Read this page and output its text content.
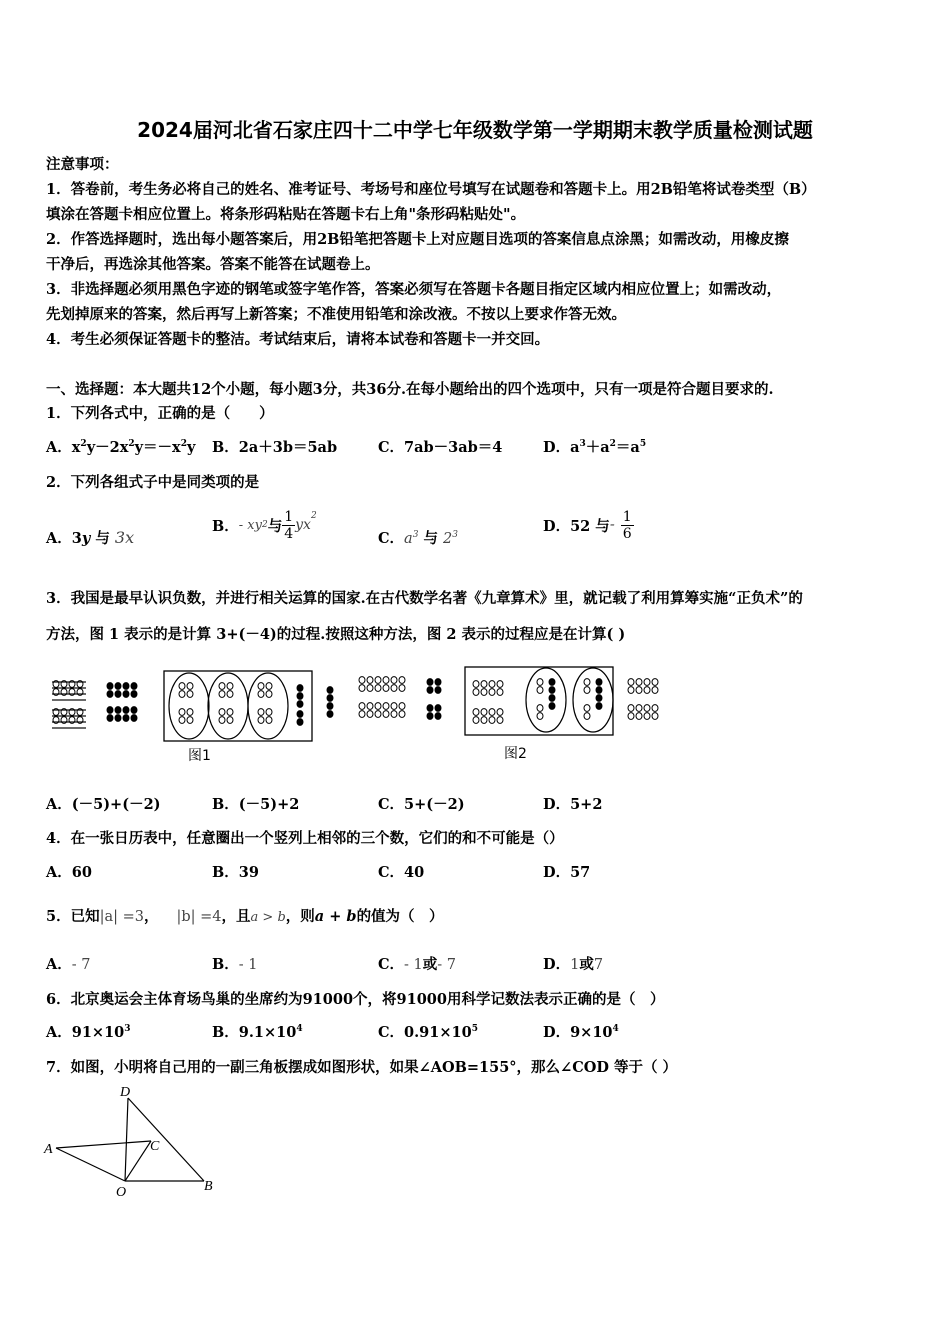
2024届河北省石家庄四十二中学七年级数学第一学期期末教学质量检测试题
注意事项：
1．答卷前，考生务必将自己的姓名、准考证号、考场号和座位号填写在试题卷和答题卡上。用2B铅笔将试卷类型（B）
填涂在答题卡相应位置上。将条形码粘贴在答题卡右上角"条形码粘贴处"。
2．作答选择题时，选出每小题答案后，用2B铅笔把答题卡上对应题目选项的答案信息点涂黑；如需改动，用橡皮擦
干净后，再选涂其他答案。答案不能答在试题卷上。
3．非选择题必须用黑色字迹的钢笔或签字笔作答，答案必须写在答题卡各题目指定区域内相应位置上；如需改动，
先划掉原来的答案，然后再写上新答案；不准使用铅笔和涂改液。不按以上要求作答无效。
4．考生必须保证答题卡的整洁。考试结束后，请将本试卷和答题卡一并交回。
一、选择题：本大题共12个小题，每小题3分，共36分.在每小题给出的四个选项中，只有一项是符合题目要求的.
1．下列各式中，正确的是（　　）
A．$x^2y-2x^2y=-x^2y$ B．2a＋3b＝5ab	C．7ab－3ab＝4	D．$a^3+a^2=a^5$
2．下列各组式子中是同类项的是
A．3y 与 3x
B． - xy 2 与 $\frac{1}{4}$ yx
$^2$
C．$a^3$ 与 $2^3$
D．52 与 - $\frac{1}{6}$
3．我国是最早认识负数，并进行相关运算的国家.在古代数学名著《九章算术》里，就记载了利用算筹实施“正负术”的
方法，图 1 表示的是计算 3+(－4)的过程.按照这种方法，图 2 表示的过程应是在计算( )
图1	图2
A．(－5)+(－2)	B．(－5)+2	C．5+(－2)	D．5+2
4．在一张日历表中，任意圈出一个竖列上相邻的三个数，它们的和不可能是（）
A．60	B．39	C．40	D．57
5．已知|a| =3， |b| =4，且a > b，则a + b的值为（　）
A．- 7	B．- 1	C．- 1或- 7	D．1或7
6．北京奥运会主体育场鸟巢的坐席约为91000个，将91000用科学记数法表示正确的是（　）
A．$91\times 10^3$	B．$9.1\times 10^4$	C．$0.91\times 10^5$	D．$9\times 10^4$
7．如图，小明将自己用的一副三角板摆成如图形状，如果∠AOB=155°，那么∠COD 等于（ ）
D
A	C
O	B
